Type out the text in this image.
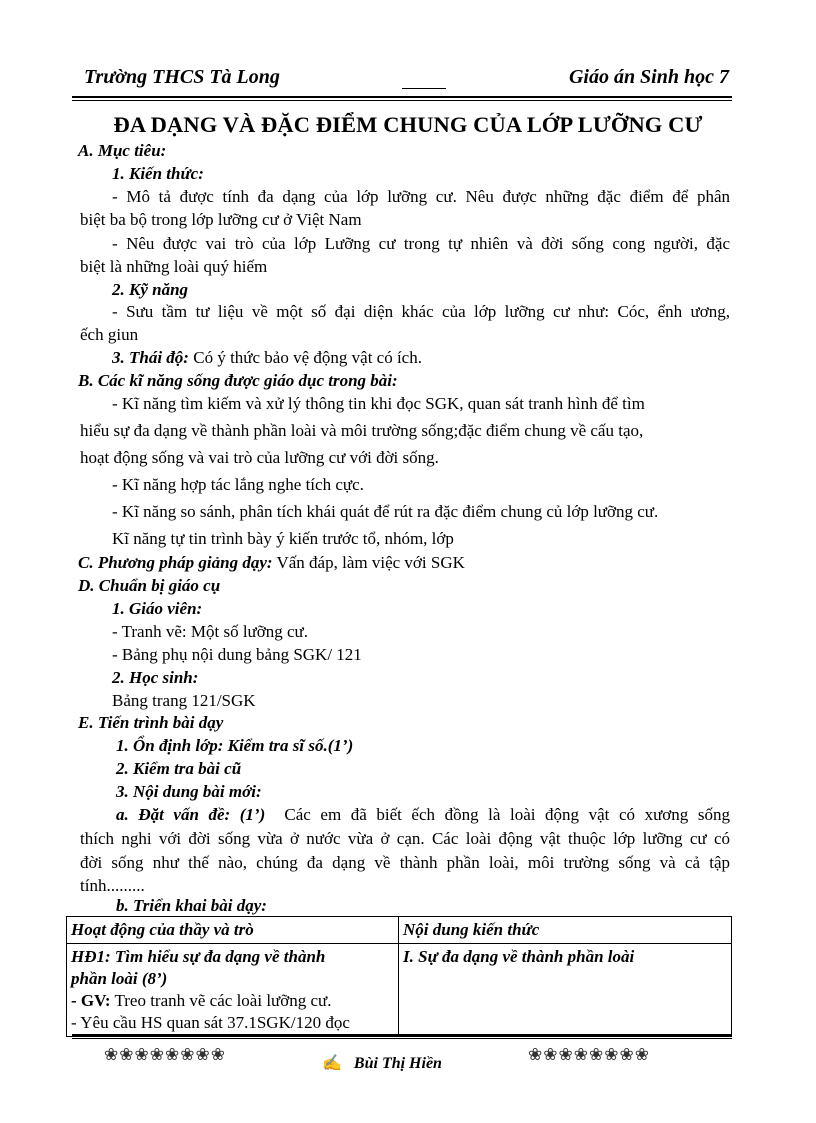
Trường THCS Tà Long	Giáo án Sinh học 7
ĐA DẠNG VÀ ĐẶC ĐIỂM CHUNG CỦA LỚP LƯỠNG CƯ
A. Mục tiêu:
1. Kiến thức:
- Mô tả được tính đa dạng của lớp lưỡng cư. Nêu được những đặc điểm để phân
biệt ba bộ trong lớp lưỡng cư ở Việt Nam
- Nêu được vai trò của lớp Lưỡng cư trong tự nhiên và đời sống cong người, đặc
biệt là những loài quý hiếm
2. Kỹ năng
- Sưu tầm tư liệu về một số đại diện khác của lớp lưỡng cư như: Cóc, ểnh ương,
ếch giun
3. Thái độ: Có ý thức bảo vệ động vật có ích.
B. Các kĩ năng sống được giáo dục trong bài:
- Kĩ năng tìm kiếm và xử lý thông tin khi đọc SGK, quan sát tranh hình để tìm
hiểu sự đa dạng về thành phần loài và môi trường sống;đặc điểm chung về cấu tạo,
hoạt động sống và vai trò của lưỡng cư với đời sống.
- Kĩ năng hợp tác lắng nghe tích cực.
- Kĩ năng so sánh, phân tích khái quát để rút ra đặc điểm chung củ lớp lưỡng cư.
Kĩ năng tự tin trình bày ý kiến trước tổ, nhóm, lớp
C. Phương pháp giảng dạy: Vấn đáp, làm việc với SGK
D. Chuẩn bị giáo cụ
1. Giáo viên:
- Tranh vẽ: Một số lưỡng cư.
- Bảng phụ nội dung bảng SGK/ 121
2. Học sinh:
Bảng trang 121/SGK
E. Tiến trình bài dạy
1. Ổn định lớp: Kiểm tra sĩ số.(1’)
2. Kiểm tra bài cũ
3. Nội dung bài mới:
a. Đặt vấn đề: (1’) Các em đã biết ếch đồng là loài động vật có xương sống
thích nghi với đời sống vừa ở nước vừa ở cạn. Các loài động vật thuộc lớp lưỡng cư có
đời sống như thế nào, chúng đa dạng về thành phần loài, môi trường sống và cả tập
tính.........
b. Triển khai bài dạy:
Hoạt động của thầy và trò	Nội dung kiến thức

HĐ1: Tìm hiểu sự đa dạng về thành
phần loài (8’)
- GV: Treo tranh vẽ các loài lưỡng cư.
- Yêu cầu HS quan sát 37.1SGK/120 đọc	I. Sự đa dạng về thành phần loài
❀❀❀❀❀❀❀❀	✍ Bùi Thị Hiền	❀❀❀❀❀❀❀❀
